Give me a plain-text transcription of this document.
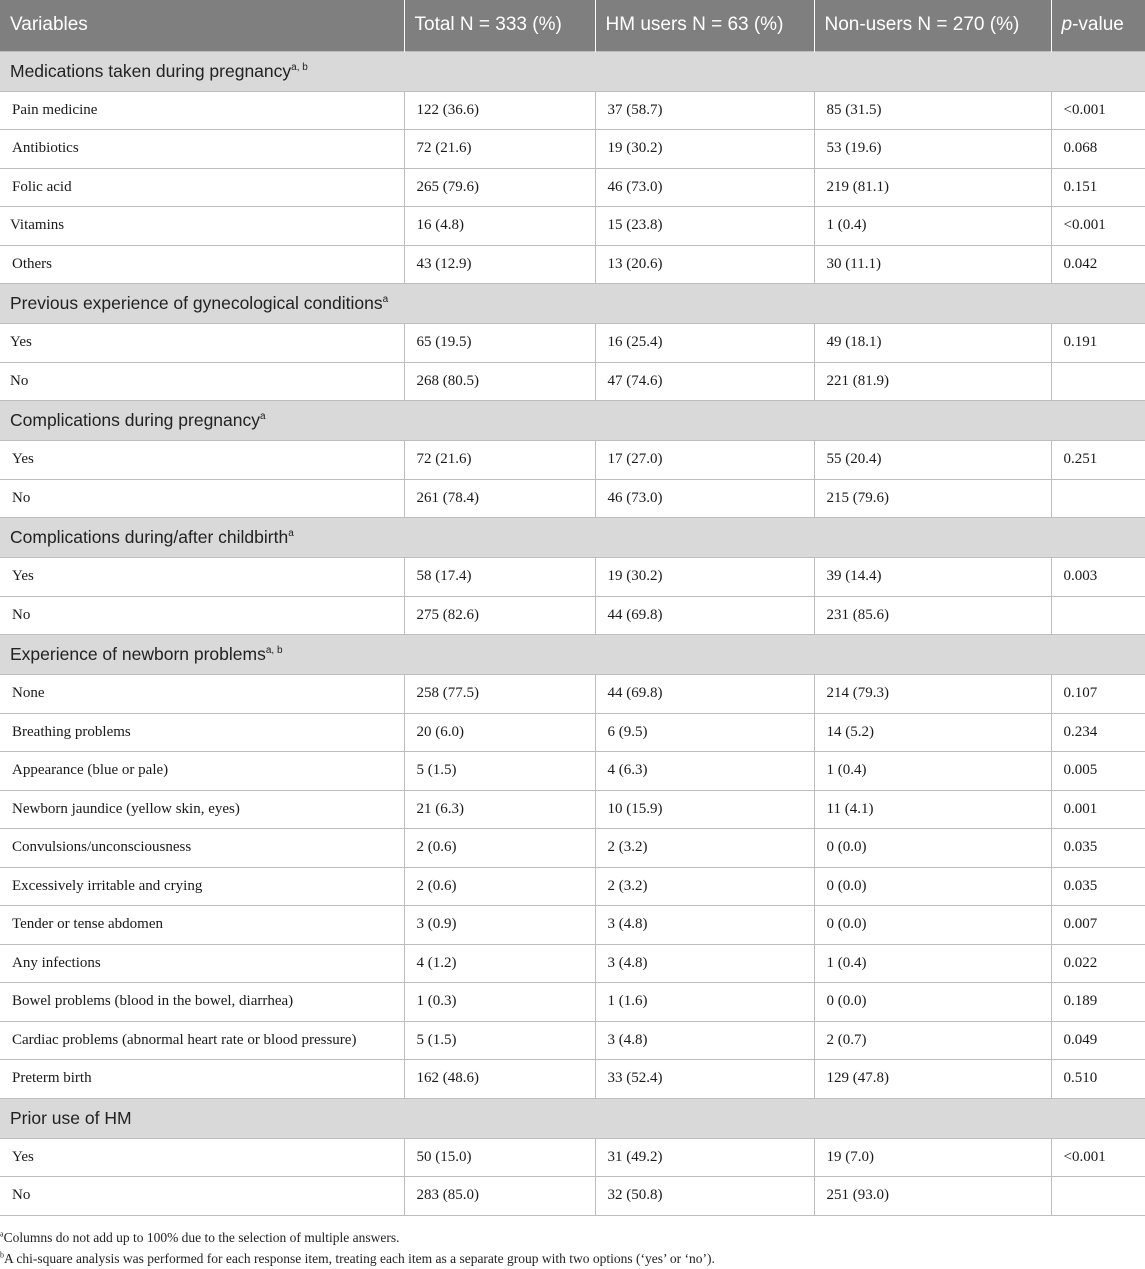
Variables	Total N = 333 (%)	HM users N = 63 (%)	Non-users N = 270 (%)	p-value
Medications taken during pregnancy$^{a, b}$
Pain medicine	122 (36.6)	37 (58.7)	85 (31.5)	<0.001
Antibiotics	72 (21.6)	19 (30.2)	53 (19.6)	0.068
Folic acid	265 (79.6)	46 (73.0)	219 (81.1)	0.151
Vitamins	16 (4.8)	15 (23.8)	1 (0.4)	<0.001
Others	43 (12.9)	13 (20.6)	30 (11.1)	0.042
Previous experience of gynecological conditions$^a$
Yes	65 (19.5)	16 (25.4)	49 (18.1)	0.191
No	268 (80.5)	47 (74.6)	221 (81.9)	
Complications during pregnancy$^a$
Yes	72 (21.6)	17 (27.0)	55 (20.4)	0.251
No	261 (78.4)	46 (73.0)	215 (79.6)	
Complications during/after childbirth$^a$
Yes	58 (17.4)	19 (30.2)	39 (14.4)	0.003
No	275 (82.6)	44 (69.8)	231 (85.6)	
Experience of newborn problems$^{a, b}$
None	258 (77.5)	44 (69.8)	214 (79.3)	0.107
Breathing problems	20 (6.0)	6 (9.5)	14 (5.2)	0.234
Appearance (blue or pale)	5 (1.5)	4 (6.3)	1 (0.4)	0.005
Newborn jaundice (yellow skin, eyes)	21 (6.3)	10 (15.9)	11 (4.1)	0.001
Convulsions/unconsciousness	2 (0.6)	2 (3.2)	0 (0.0)	0.035
Excessively irritable and crying	2 (0.6)	2 (3.2)	0 (0.0)	0.035
Tender or tense abdomen	3 (0.9)	3 (4.8)	0 (0.0)	0.007
Any infections	4 (1.2)	3 (4.8)	1 (0.4)	0.022
Bowel problems (blood in the bowel, diarrhea)	1 (0.3)	1 (1.6)	0 (0.0)	0.189
Cardiac problems (abnormal heart rate or blood pressure)	5 (1.5)	3 (4.8)	2 (0.7)	0.049
Preterm birth	162 (48.6)	33 (52.4)	129 (47.8)	0.510
Prior use of HM				
Yes	50 (15.0)	31 (49.2)	19 (7.0)	<0.001
No	283 (85.0)	32 (50.8)	251 (93.0)	
$^a$Columns do not add up to 100% due to the selection of multiple answers.
$^b$A chi-square analysis was performed for each response item, treating each item as a separate group with two options (‘yes’ or ‘no’).
